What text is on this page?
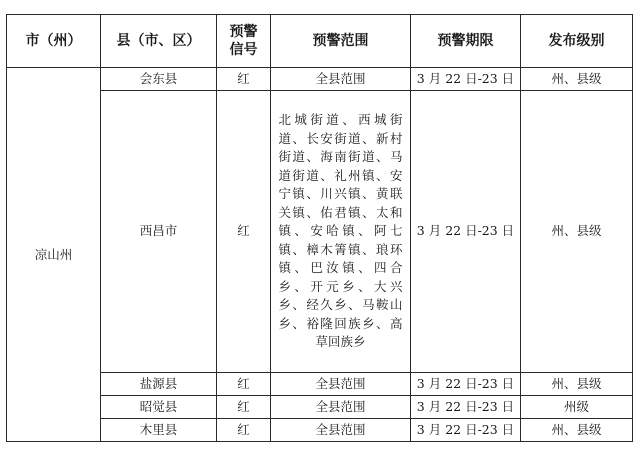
市（州）	县（市、区）	预警信号	预警范围	预警期限	发布级别
凉山州	会东县	红	全县范围	3 月 22 日-23 日	州、县级
	西昌市	红	北城街道、西城街道、长安街道、新村街道、海南街道、马道街道、礼州镇、安宁镇、川兴镇、黄联关镇、佑君镇、太和镇、安哈镇、阿七镇、樟木箐镇、琅环镇、巴汝镇、四合乡、开元乡、大兴乡、经久乡、马鞍山乡、裕隆回族乡、高草回族乡	3 月 22 日-23 日	州、县级
	盐源县	红	全县范围	3 月 22 日-23 日	州、县级
	昭觉县	红	全县范围	3 月 22 日-23 日	州级
	木里县	红	全县范围	3 月 22 日-23 日	州、县级
